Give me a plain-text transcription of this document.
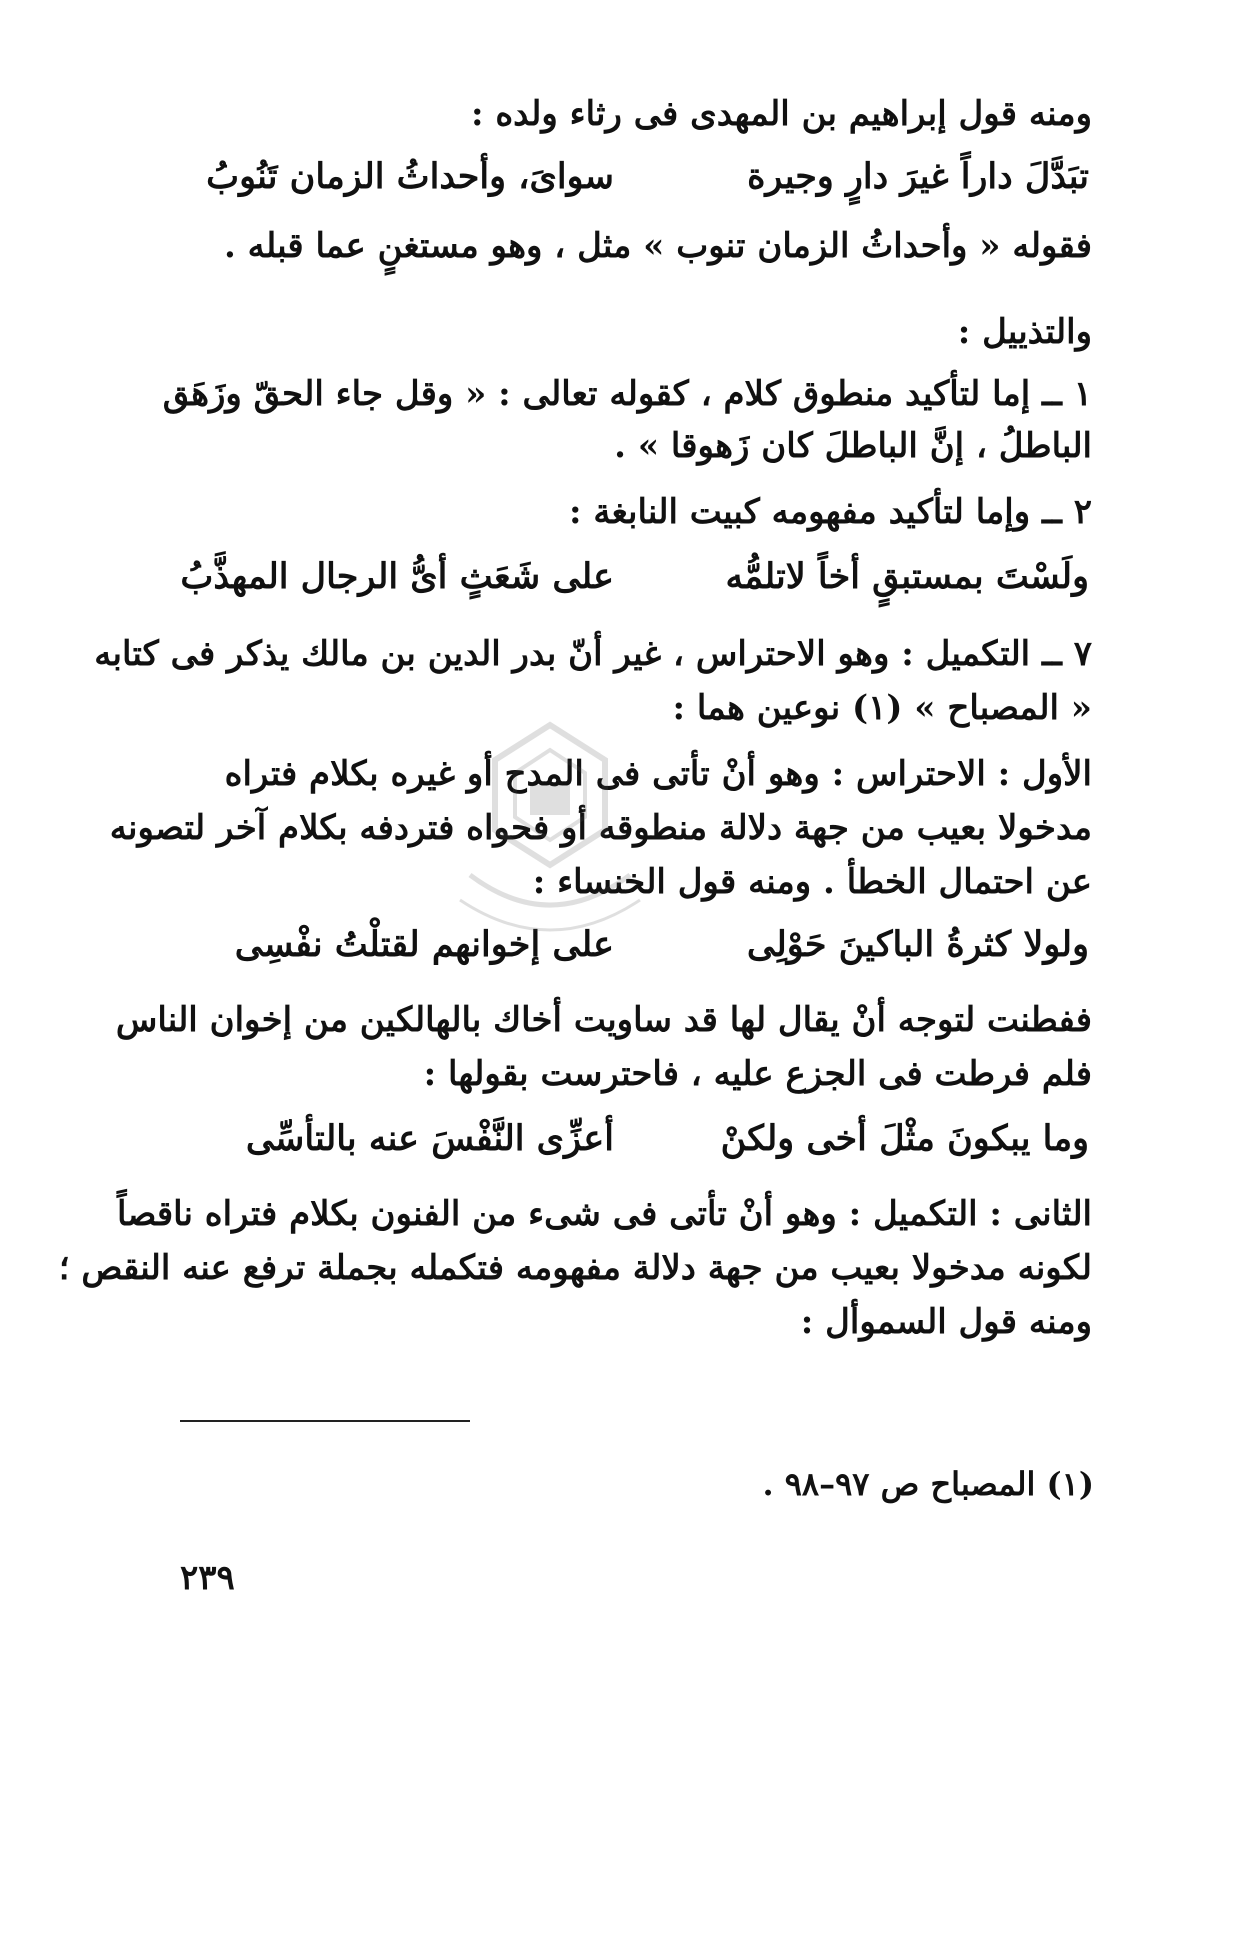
ومنه قول إبراهيم بن المهدى فى رثاء ولده :
تبَدَّلَ داراً غيرَ دارٍ وجيرة
سواىَ، وأحداثُ الزمان تَنُوبُ
فقوله « وأحداثُ الزمان تنوب » مثل ، وهو مستغنٍ عما قبله .
والتذييل :
١ ــ إما لتأكيد منطوق كلام ، كقوله تعالى : « وقل جاء الحقّ وزَهَق
الباطلُ ، إنَّ الباطلَ كان زَهوقا » .
٢ ــ وإما لتأكيد مفهومه كبيت النابغة :
ولَسْتَ بمستبقٍ أخاً لاتلمُّه
على شَعَثٍ أىُّ الرجال المهذَّبُ
٧ ــ التكميل : وهو الاحتراس ، غير أنّ بدر الدين بن مالك يذكر فى كتابه
« المصباح » (١) نوعين هما :
الأول : الاحتراس : وهو أنْ تأتى فى المدح أو غيره بكلام فتراه
مدخولا بعيب من جهة دلالة منطوقه أو فحواه فتردفه بكلام آخر لتصونه
عن احتمال الخطأ . ومنه قول الخنساء :
ولولا كثرةُ الباكينَ حَوْلِى
على إخوانهم لقتلْتُ نفْسِى
ففطنت لتوجه أنْ يقال لها قد ساويت أخاك بالهالكين من إخوان الناس
فلم فرطت فى الجزع عليه ، فاحترست بقولها :
وما يبكونَ مثْلَ أخى ولكنْ
أعزِّى النَّفْسَ عنه بالتأسِّى
الثانى : التكميل : وهو أنْ تأتى فى شىء من الفنون بكلام فتراه ناقصاً
لكونه مدخولا بعيب من جهة دلالة مفهومه فتكمله بجملة ترفع عنه النقص ؛
ومنه قول السموأل :
(١) المصباح ص ٩٧–٩٨ .
٢٣٩
